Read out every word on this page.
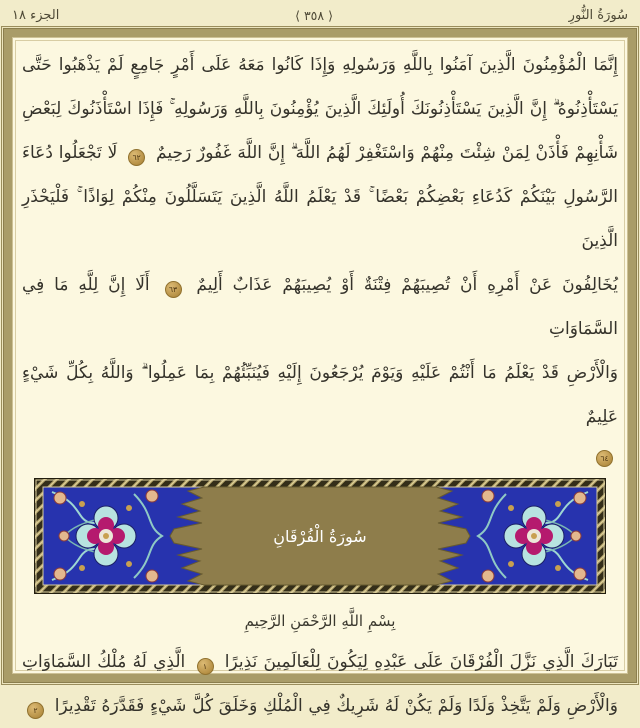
سُورَةُ النُّورِ
⟨ ٣٥٨ ⟩
الجزء ١٨
إِنَّمَا الْمُؤْمِنُونَ الَّذِينَ آمَنُوا بِاللَّهِ وَرَسُولِهِ وَإِذَا كَانُوا مَعَهُ عَلَى أَمْرٍ جَامِعٍ لَمْ يَذْهَبُوا حَتَّى
يَسْتَأْذِنُوهُ ۗ إِنَّ الَّذِينَ يَسْتَأْذِنُونَكَ أُولَئِكَ الَّذِينَ يُؤْمِنُونَ بِاللَّهِ وَرَسُولِهِ ۚ فَإِذَا اسْتَأْذَنُوكَ لِبَعْضِ
شَأْنِهِمْ فَأْذَنْ لِمَنْ شِئْتَ مِنْهُمْ وَاسْتَغْفِرْ لَهُمُ اللَّهَ ۗ إِنَّ اللَّهَ غَفُورٌ رَحِيمٌ ٦٢ لَا تَجْعَلُوا دُعَاءَ
الرَّسُولِ بَيْنَكُمْ كَدُعَاءِ بَعْضِكُمْ بَعْضًا ۚ قَدْ يَعْلَمُ اللَّهُ الَّذِينَ يَتَسَلَّلُونَ مِنْكُمْ لِوَاذًا ۚ فَلْيَحْذَرِ الَّذِينَ
يُخَالِفُونَ عَنْ أَمْرِهِ أَنْ تُصِيبَهُمْ فِتْنَةٌ أَوْ يُصِيبَهُمْ عَذَابٌ أَلِيمٌ ٦٣ أَلَا إِنَّ لِلَّهِ مَا فِي السَّمَاوَاتِ
وَالْأَرْضِ قَدْ يَعْلَمُ مَا أَنْتُمْ عَلَيْهِ وَيَوْمَ يُرْجَعُونَ إِلَيْهِ فَيُنَبِّئُهُمْ بِمَا عَمِلُوا ۗ وَاللَّهُ بِكُلِّ شَيْءٍ عَلِيمٌ
٦٤
سُورَةُ الْفُرْقَانِ
بِسْمِ اللَّهِ الرَّحْمَنِ الرَّحِيمِ
تَبَارَكَ الَّذِي نَزَّلَ الْفُرْقَانَ عَلَى عَبْدِهِ لِيَكُونَ لِلْعَالَمِينَ نَذِيرًا ١ الَّذِي لَهُ مُلْكُ السَّمَاوَاتِ
وَالْأَرْضِ وَلَمْ يَتَّخِذْ وَلَدًا وَلَمْ يَكُنْ لَهُ شَرِيكٌ فِي الْمُلْكِ وَخَلَقَ كُلَّ شَيْءٍ فَقَدَّرَهُ تَقْدِيرًا ٢
